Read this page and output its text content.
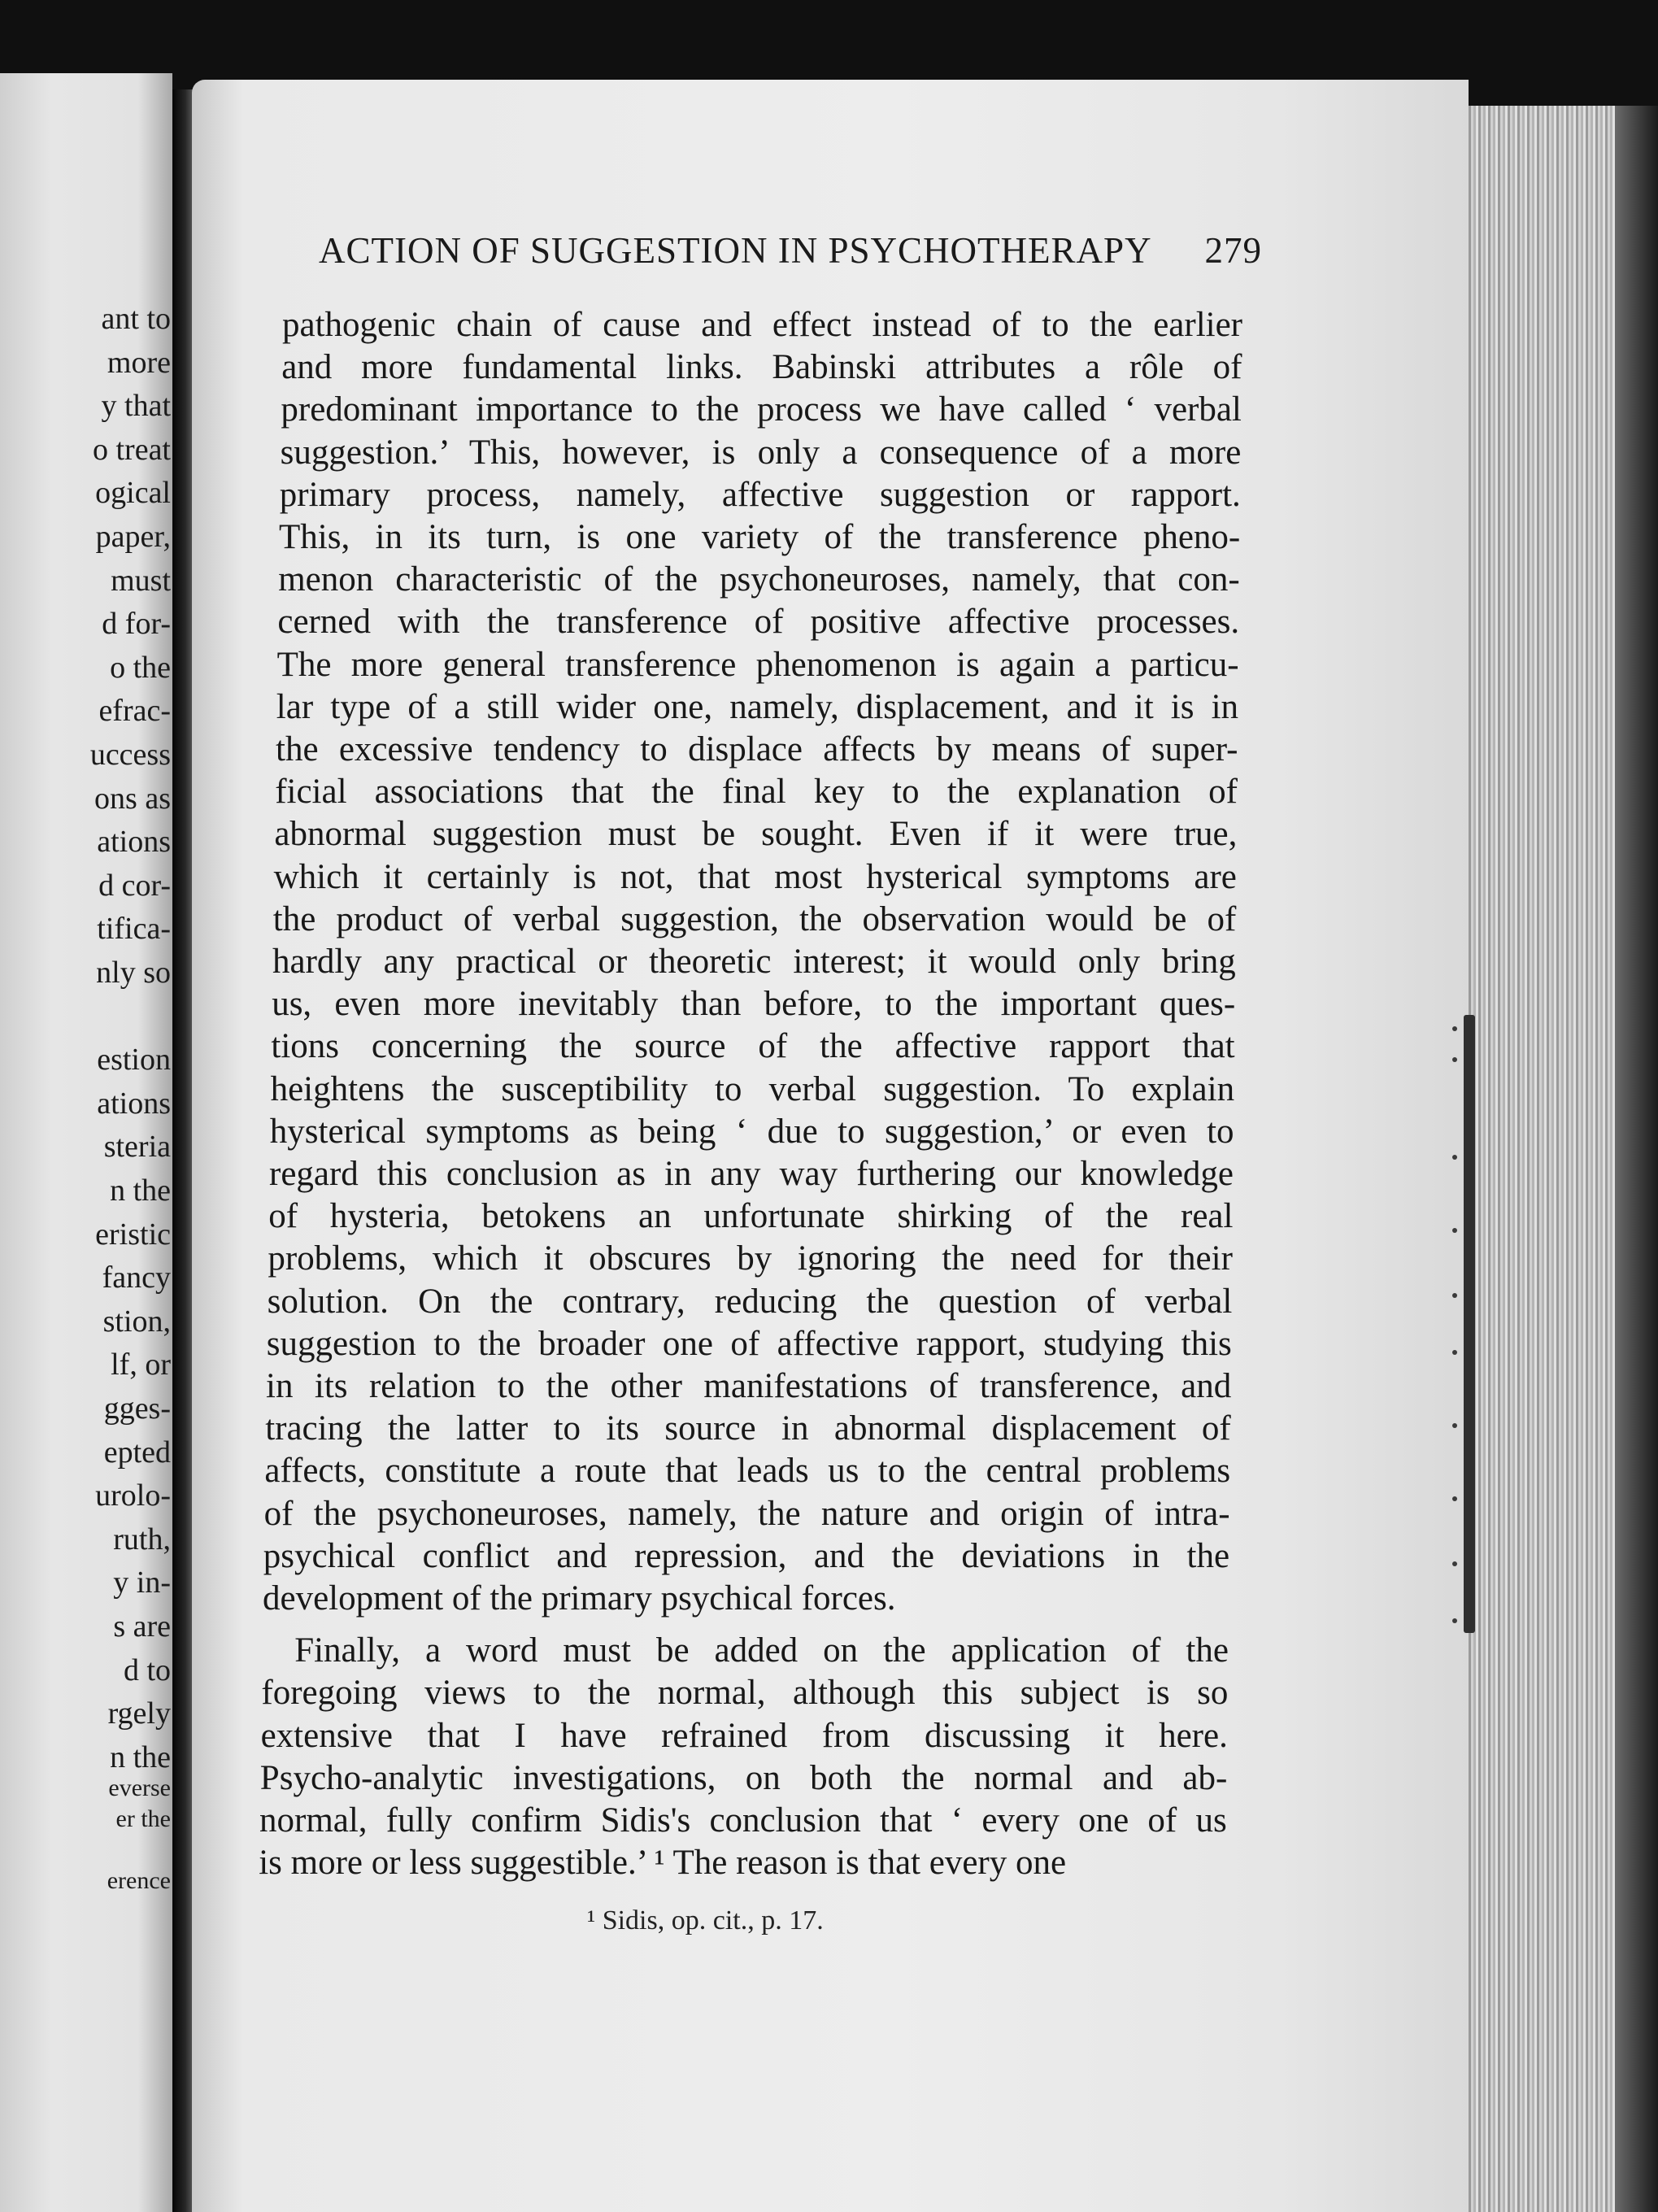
ant to
more
y that
o treat
ogical
paper,
must
d for-
o the
efrac-
uccess
ons as
ations
d cor-
tifica-
nly so
estion
ations
steria
n the
eristic
fancy
stion,
lf, or
gges-
epted
urolo-
ruth,
y in-
s are
d to
rgely
n the
everse
er the
erence
ACTION OF SUGGESTION IN PSYCHOTHERAPY 279
pathogenic chain of cause and effect instead of to the earlier
and more fundamental links. Babinski attributes a rôle of
predominant importance to the process we have called ‘ verbal
suggestion.’ This, however, is only a consequence of a more
primary process, namely, affective suggestion or rapport.
This, in its turn, is one variety of the transference pheno-
menon characteristic of the psychoneuroses, namely, that con-
cerned with the transference of positive affective processes.
The more general transference phenomenon is again a particu-
lar type of a still wider one, namely, displacement, and it is in
the excessive tendency to displace affects by means of super-
ficial associations that the final key to the explanation of
abnormal suggestion must be sought. Even if it were true,
which it certainly is not, that most hysterical symptoms are
the product of verbal suggestion, the observation would be of
hardly any practical or theoretic interest; it would only bring
us, even more inevitably than before, to the important ques-
tions concerning the source of the affective rapport that
heightens the susceptibility to verbal suggestion. To explain
hysterical symptoms as being ‘ due to suggestion,’ or even to
regard this conclusion as in any way furthering our knowledge
of hysteria, betokens an unfortunate shirking of the real
problems, which it obscures by ignoring the need for their
solution. On the contrary, reducing the question of verbal
suggestion to the broader one of affective rapport, studying this
in its relation to the other manifestations of transference, and
tracing the latter to its source in abnormal displacement of
affects, constitute a route that leads us to the central problems
of the psychoneuroses, namely, the nature and origin of intra-
psychical conflict and repression, and the deviations in the
development of the primary psychical forces.
Finally, a word must be added on the application of the
foregoing views to the normal, although this subject is so
extensive that I have refrained from discussing it here.
Psycho-analytic investigations, on both the normal and ab-
normal, fully confirm Sidis's conclusion that ‘ every one of us
is more or less suggestible.’ ¹ The reason is that every one
¹ Sidis, op. cit., p. 17.
